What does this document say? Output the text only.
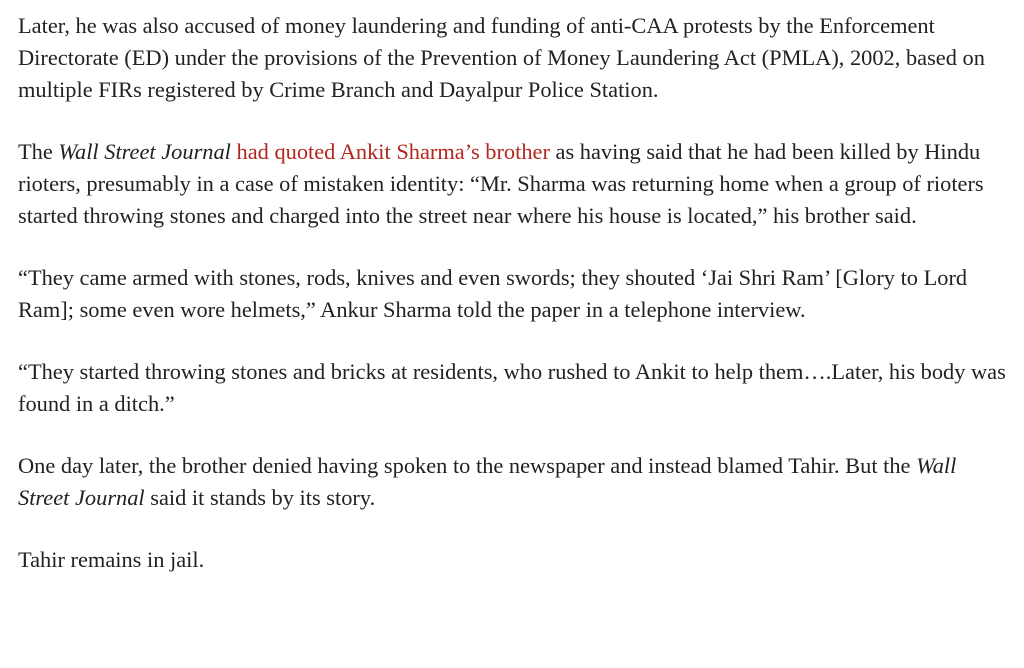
Later, he was also accused of money laundering and funding of anti-CAA protests by the Enforcement Directorate (ED) under the provisions of the Prevention of Money Laundering Act (PMLA), 2002, based on multiple FIRs registered by Crime Branch and Dayalpur Police Station.

The Wall Street Journal had quoted Ankit Sharma’s brother as having said that he had been killed by Hindu rioters, presumably in a case of mistaken identity: “Mr. Sharma was returning home when a group of rioters started throwing stones and charged into the street near where his house is located,” his brother said.

“They came armed with stones, rods, knives and even swords; they shouted ‘Jai Shri Ram’ [Glory to Lord Ram]; some even wore helmets,” Ankur Sharma told the paper in a telephone interview.

“They started throwing stones and bricks at residents, who rushed to Ankit to help them….Later, his body was found in a ditch.”

One day later, the brother denied having spoken to the newspaper and instead blamed Tahir. But the Wall Street Journal said it stands by its story.

Tahir remains in jail.
